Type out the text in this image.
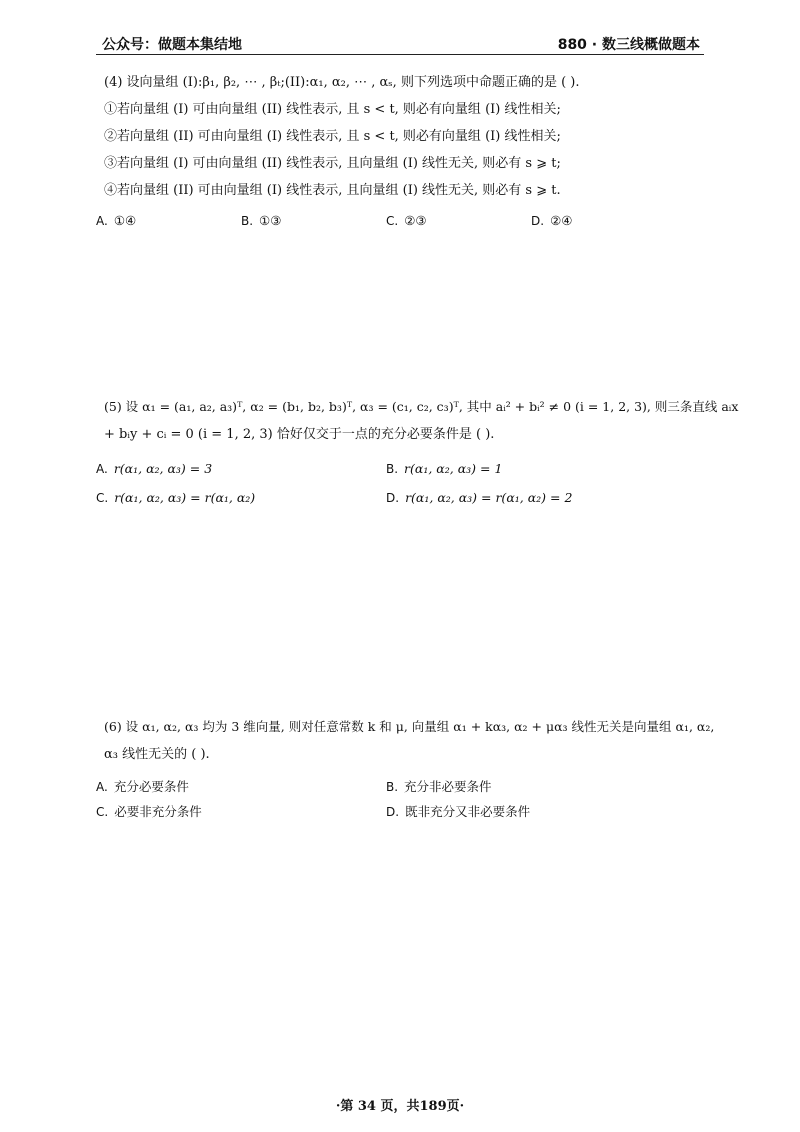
公众号：做题本集结地	880 · 数三线概做题本
(4) 设向量组 (I):β₁, β₂, ⋯ , βₜ;(II):α₁, α₂, ⋯ , αₛ, 则下列选项中命题正确的是 ( ).
①若向量组 (I) 可由向量组 (II) 线性表示, 且 s < t, 则必有向量组 (I) 线性相关;
②若向量组 (II) 可由向量组 (I) 线性表示, 且 s < t, 则必有向量组 (I) 线性相关;
③若向量组 (I) 可由向量组 (II) 线性表示, 且向量组 (I) 线性无关, 则必有 s ⩾ t;
④若向量组 (II) 可由向量组 (I) 线性表示, 且向量组 (I) 线性无关, 则必有 s ⩾ t.
A. ①④	B. ①③	C. ②③	D. ②④
(5) 设 α₁ = (a₁, a₂, a₃)ᵀ, α₂ = (b₁, b₂, b₃)ᵀ, α₃ = (c₁, c₂, c₃)ᵀ, 其中 aᵢ² + bᵢ² ≠ 0 (i = 1, 2, 3), 则三条直线 aᵢx
+ bᵢy + cᵢ = 0 (i = 1, 2, 3) 恰好仅交于一点的充分必要条件是 ( ).
A. r(α₁, α₂, α₃) = 3	B. r(α₁, α₂, α₃) = 1
C. r(α₁, α₂, α₃) = r(α₁, α₂)	D. r(α₁, α₂, α₃) = r(α₁, α₂) = 2
(6) 设 α₁, α₂, α₃ 均为 3 维向量, 则对任意常数 k 和 μ, 向量组 α₁ + kα₃, α₂ + μα₃ 线性无关是向量组 α₁, α₂,
α₃ 线性无关的 ( ).
A. 充分必要条件	B. 充分非必要条件
C. 必要非充分条件	D. 既非充分又非必要条件
·第 34 页，共189页·
